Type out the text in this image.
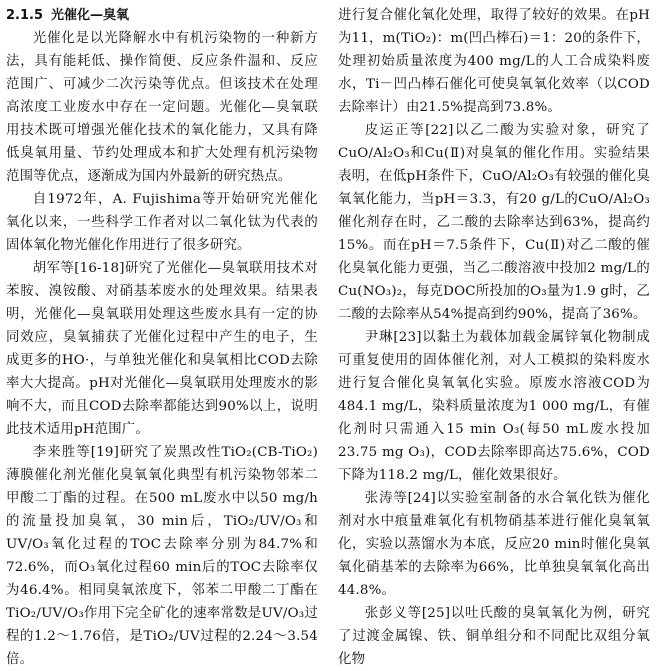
2.1.5 光催化—臭氧

光催化是以光降解水中有机污染物的一种新方法，具有能耗低、操作简便、反应条件温和、反应范围广、可减少二次污染等优点。但该技术在处理高浓度工业废水中存在一定问题。光催化—臭氧联用技术既可增强光催化技术的氧化能力，又具有降低臭氧用量、节约处理成本和扩大处理有机污染物范围等优点，逐渐成为国内外最新的研究热点。

自1972年，A. Fujishima等开始研究光催化氧化以来，一些科学工作者对以二氧化钛为代表的固体氧化物光催化作用进行了很多研究。

胡军等[16-18]研究了光催化—臭氧联用技术对苯胺、溴铵酸、对硝基苯废水的处理效果。结果表明，光催化—臭氧联用处理这些废水具有一定的协同效应，臭氧捕获了光催化过程中产生的电子，生成更多的HO·，与单独光催化和臭氧相比COD去除率大大提高。pH对光催化—臭氧联用处理废水的影响不大，而且COD去除率都能达到90%以上，说明此技术适用pH范围广。

李来胜等[19]研究了炭黑改性TiO₂(CB-TiO₂)薄膜催化剂光催化臭氧氧化典型有机污染物邻苯二甲酸二丁酯的过程。在500 mL废水中以50 mg/h的流量投加臭氧，30 min后，TiO₂/UV/O₃和UV/O₃氧化过程的TOC去除率分别为84.7%和72.6%，而O₃氧化过程60 min后的TOC去除率仅为46.4%。相同臭氧浓度下，邻苯二甲酸二丁酯在TiO₂/UV/O₃作用下完全矿化的速率常数是UV/O₃过程的1.2～1.76倍，是TiO₂/UV过程的2.24～3.54倍。

进行复合催化氧化处理，取得了较好的效果。在pH为11，m(TiO₂)：m(凹凸棒石)＝1：20的条件下，处理初始质量浓度为400 mg/L的人工合成染料废水，Ti－凹凸棒石催化可使臭氧氧化效率（以COD去除率计）由21.5%提高到73.8%。

皮运正等[22]以乙二酸为实验对象，研究了CuO/Al₂O₃和Cu(Ⅱ)对臭氧的催化作用。实验结果表明，在低pH条件下，CuO/Al₂O₃有较强的催化臭氧氧化能力，当pH＝3.3，有20 g/L的CuO/Al₂O₃催化剂存在时，乙二酸的去除率达到63%，提高约15%。而在pH＝7.5条件下，Cu(Ⅱ)对乙二酸的催化臭氧化能力更强，当乙二酸溶液中投加2 mg/L的Cu(NO₃)₂，每克DOC所投加的O₃量为1.9 g时，乙二酸的去除率从54%提高到约90%，提高了36%。

尹琳[23]以黏土为载体加载金属锌氧化物制成可重复使用的固体催化剂，对人工模拟的染料废水进行复合催化臭氧氧化实验。原废水溶液COD为484.1 mg/L，染料质量浓度为1 000 mg/L，有催化剂时只需通入15 min O₃(每50 mL废水投加23.75 mg O₃)，COD去除率即高达75.6%，COD下降为118.2 mg/L，催化效果很好。

张涛等[24]以实验室制备的水合氧化铁为催化剂对水中痕量难氧化有机物硝基苯进行催化臭氧氧化，实验以蒸馏水为本底，反应20 min时催化臭氧氧化硝基苯的去除率为66%，比单独臭氧氧化高出44.8%。

张彭义等[25]以吐氏酸的臭氧氧化为例，研究了过渡金属镍、铁、铜单组分和不同配比双组分氧化物
